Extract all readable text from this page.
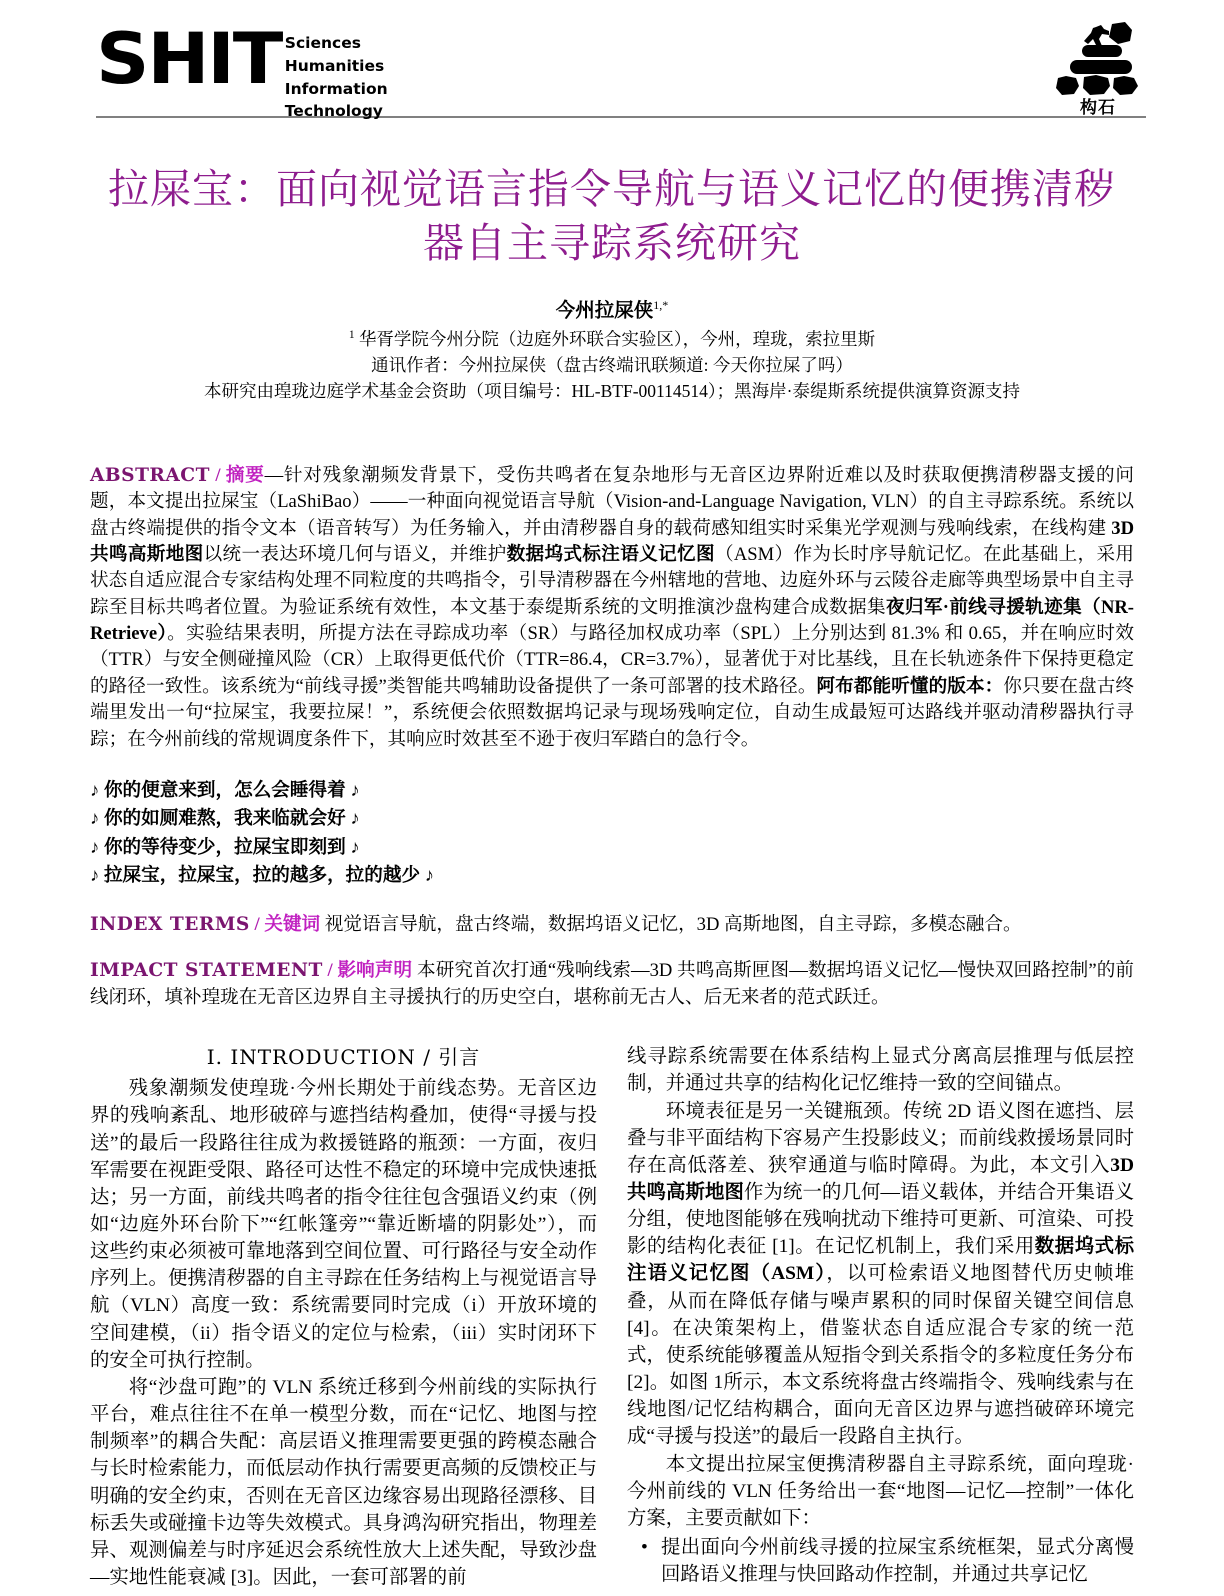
SHIT Sciences
Humanities
Information
Technology	构石
拉屎宝：面向视觉语言指令导航与语义记忆的便携清秽器自主寻踪系统研究
今州拉屎侠$^{1,*}$
$^1$ 华胥学院今州分院（边庭外环联合实验区），今州，瑝珑，索拉里斯
通讯作者：今州拉屎侠（盘古终端讯联频道: 今天你拉屎了吗）
本研究由瑝珑边庭学术基金会资助（项目编号：HL-BTF-00114514）；黑海岸·泰缇斯系统提供演算资源支持

ABSTRACT / 摘要—针对残象潮频发背景下，受伤共鸣者在复杂地形与无音区边界附近难以及时获取便携清秽器支援的问题，本文提出拉屎宝（LaShiBao）——一种面向视觉语言导航（Vision-and-Language Navigation, VLN）的自主寻踪系统。系统以盘古终端提供的指令文本（语音转写）为任务输入，并由清秽器自身的载荷感知组实时采集光学观测与残响线索，在线构建 3D 共鸣高斯地图以统一表达环境几何与语义，并维护数据坞式标注语义记忆图（ASM）作为长时序导航记忆。在此基础上，采用状态自适应混合专家结构处理不同粒度的共鸣指令，引导清秽器在今州辖地的营地、边庭外环与云陵谷走廊等典型场景中自主寻踪至目标共鸣者位置。为验证系统有效性，本文基于泰缇斯系统的文明推演沙盘构建合成数据集夜归军·前线寻援轨迹集（NR-Retrieve）。实验结果表明，所提方法在寻踪成功率（SR）与路径加权成功率（SPL）上分别达到 81.3% 和 0.65，并在响应时效（TTR）与安全侧碰撞风险（CR）上取得更低代价（TTR=86.4，CR=3.7%），显著优于对比基线，且在长轨迹条件下保持更稳定的路径一致性。该系统为“前线寻援”类智能共鸣辅助设备提供了一条可部署的技术路径。阿布都能听懂的版本：你只要在盘古终端里发出一句“拉屎宝，我要拉屎！”，系统便会依照数据坞记录与现场残响定位，自动生成最短可达路线并驱动清秽器执行寻踪；在今州前线的常规调度条件下，其响应时效甚至不逊于夜归军踏白的急行令。

♪ 你的便意来到，怎么会睡得着 ♪
♪ 你的如厕难熬，我来临就会好 ♪
♪ 你的等待变少，拉屎宝即刻到 ♪
♪ 拉屎宝，拉屎宝，拉的越多，拉的越少 ♪

INDEX TERMS / 关键词 视觉语言导航，盘古终端，数据坞语义记忆，3D 高斯地图，自主寻踪，多模态融合。

IMPACT STATEMENT / 影响声明 本研究首次打通“残响线索—3D 共鸣高斯匣图—数据坞语义记忆—慢快双回路控制”的前线闭环，填补瑝珑在无音区边界自主寻援执行的历史空白，堪称前无古人、后无来者的范式跃迁。

I. INTRODUCTION / 引言

残象潮频发使瑝珑·今州长期处于前线态势。无音区边界的残响紊乱、地形破碎与遮挡结构叠加，使得“寻援与投送”的最后一段路往往成为救援链路的瓶颈：一方面，夜归军需要在视距受限、路径可达性不稳定的环境中完成快速抵达；另一方面，前线共鸣者的指令往往包含强语义约束（例如“边庭外环台阶下”“红帐篷旁”“靠近断墙的阴影处”），而这些约束必须被可靠地落到空间位置、可行路径与安全动作序列上。便携清秽器的自主寻踪在任务结构上与视觉语言导航（VLN）高度一致：系统需要同时完成（i）开放环境的空间建模，（ii）指令语义的定位与检索，（iii）实时闭环下的安全可执行控制。

将“沙盘可跑”的 VLN 系统迁移到今州前线的实际执行平台，难点往往不在单一模型分数，而在“记忆、地图与控制频率”的耦合失配：高层语义推理需要更强的跨模态融合与长时检索能力，而低层动作执行需要更高频的反馈校正与明确的安全约束，否则在无音区边缘容易出现路径漂移、目标丢失或碰撞卡边等失效模式。具身鸿沟研究指出，物理差异、观测偏差与时序延迟会系统性放大上述失配，导致沙盘—实地性能衰减 [3]。因此，一套可部署的前

线寻踪系统需要在体系结构上显式分离高层推理与低层控制，并通过共享的结构化记忆维持一致的空间锚点。

环境表征是另一关键瓶颈。传统 2D 语义图在遮挡、层叠与非平面结构下容易产生投影歧义；而前线救援场景同时存在高低落差、狭窄通道与临时障碍。为此，本文引入3D 共鸣高斯地图作为统一的几何—语义载体，并结合开集语义分组，使地图能够在残响扰动下维持可更新、可渲染、可投影的结构化表征 [1]。在记忆机制上，我们采用数据坞式标注语义记忆图（ASM），以可检索语义地图替代历史帧堆叠，从而在降低存储与噪声累积的同时保留关键空间信息 [4]。在决策架构上，借鉴状态自适应混合专家的统一范式，使系统能够覆盖从短指令到关系指令的多粒度任务分布 [2]。如图 1所示，本文系统将盘古终端指令、残响线索与在线地图/记忆结构耦合，面向无音区边界与遮挡破碎环境完成“寻援与投送”的最后一段路自主执行。

本文提出拉屎宝便携清秽器自主寻踪系统，面向瑝珑·今州前线的 VLN 任务给出一套“地图—记忆—控制”一体化方案，主要贡献如下：

• 提出面向今州前线寻援的拉屎宝系统框架，显式分离慢回路语义推理与快回路动作控制，并通过共享记忆
